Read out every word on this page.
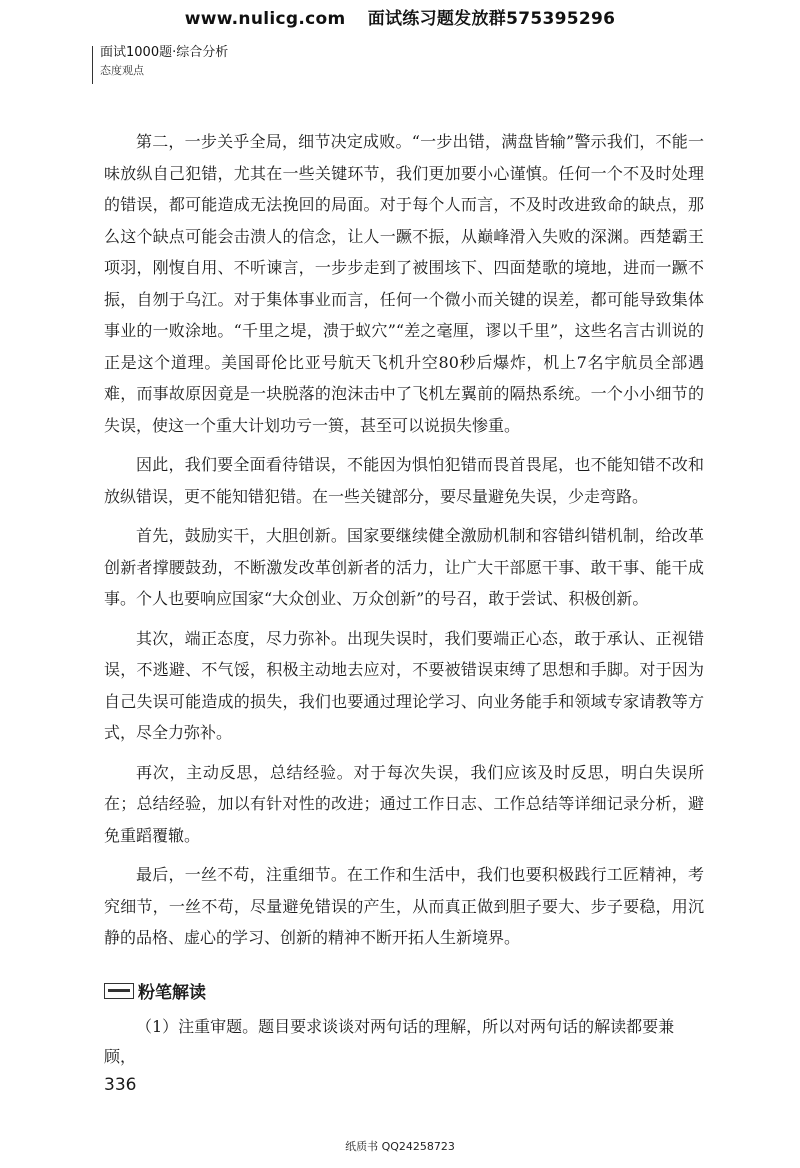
www.nulicg.com 面试练习题发放群575395296
面试1000题·综合分析
态度观点

第二，一步关乎全局，细节决定成败。“一步出错，满盘皆输”警示我们，不能一味放纵自己犯错，尤其在一些关键环节，我们更加要小心谨慎。任何一个不及时处理的错误，都可能造成无法挽回的局面。对于每个人而言，不及时改进致命的缺点，那么这个缺点可能会击溃人的信念，让人一蹶不振，从巅峰滑入失败的深渊。西楚霸王项羽，刚愎自用、不听谏言，一步步走到了被围垓下、四面楚歌的境地，进而一蹶不振，自刎于乌江。对于集体事业而言，任何一个微小而关键的误差，都可能导致集体事业的一败涂地。“千里之堤，溃于蚁穴”“差之毫厘，谬以千里”，这些名言古训说的正是这个道理。美国哥伦比亚号航天飞机升空80秒后爆炸，机上7名宇航员全部遇难，而事故原因竟是一块脱落的泡沫击中了飞机左翼前的隔热系统。一个小小细节的失误，使这一个重大计划功亏一篑，甚至可以说损失惨重。

因此，我们要全面看待错误，不能因为惧怕犯错而畏首畏尾，也不能知错不改和放纵错误，更不能知错犯错。在一些关键部分，要尽量避免失误，少走弯路。

首先，鼓励实干，大胆创新。国家要继续健全激励机制和容错纠错机制，给改革创新者撑腰鼓劲，不断激发改革创新者的活力，让广大干部愿干事、敢干事、能干成事。个人也要响应国家“大众创业、万众创新”的号召，敢于尝试、积极创新。

其次，端正态度，尽力弥补。出现失误时，我们要端正心态，敢于承认、正视错误，不逃避、不气馁，积极主动地去应对，不要被错误束缚了思想和手脚。对于因为自己失误可能造成的损失，我们也要通过理论学习、向业务能手和领域专家请教等方式，尽全力弥补。

再次，主动反思，总结经验。对于每次失误，我们应该及时反思，明白失误所在；总结经验，加以有针对性的改进；通过工作日志、工作总结等详细记录分析，避免重蹈覆辙。

最后，一丝不苟，注重细节。在工作和生活中，我们也要积极践行工匠精神，考究细节，一丝不苟，尽量避免错误的产生，从而真正做到胆子要大、步子要稳，用沉静的品格、虚心的学习、创新的精神不断开拓人生新境界。

粉笔解读

（1）注重审题。题目要求谈谈对两句话的理解，所以对两句话的解读都要兼顾，

336
纸质书 QQ24258723
